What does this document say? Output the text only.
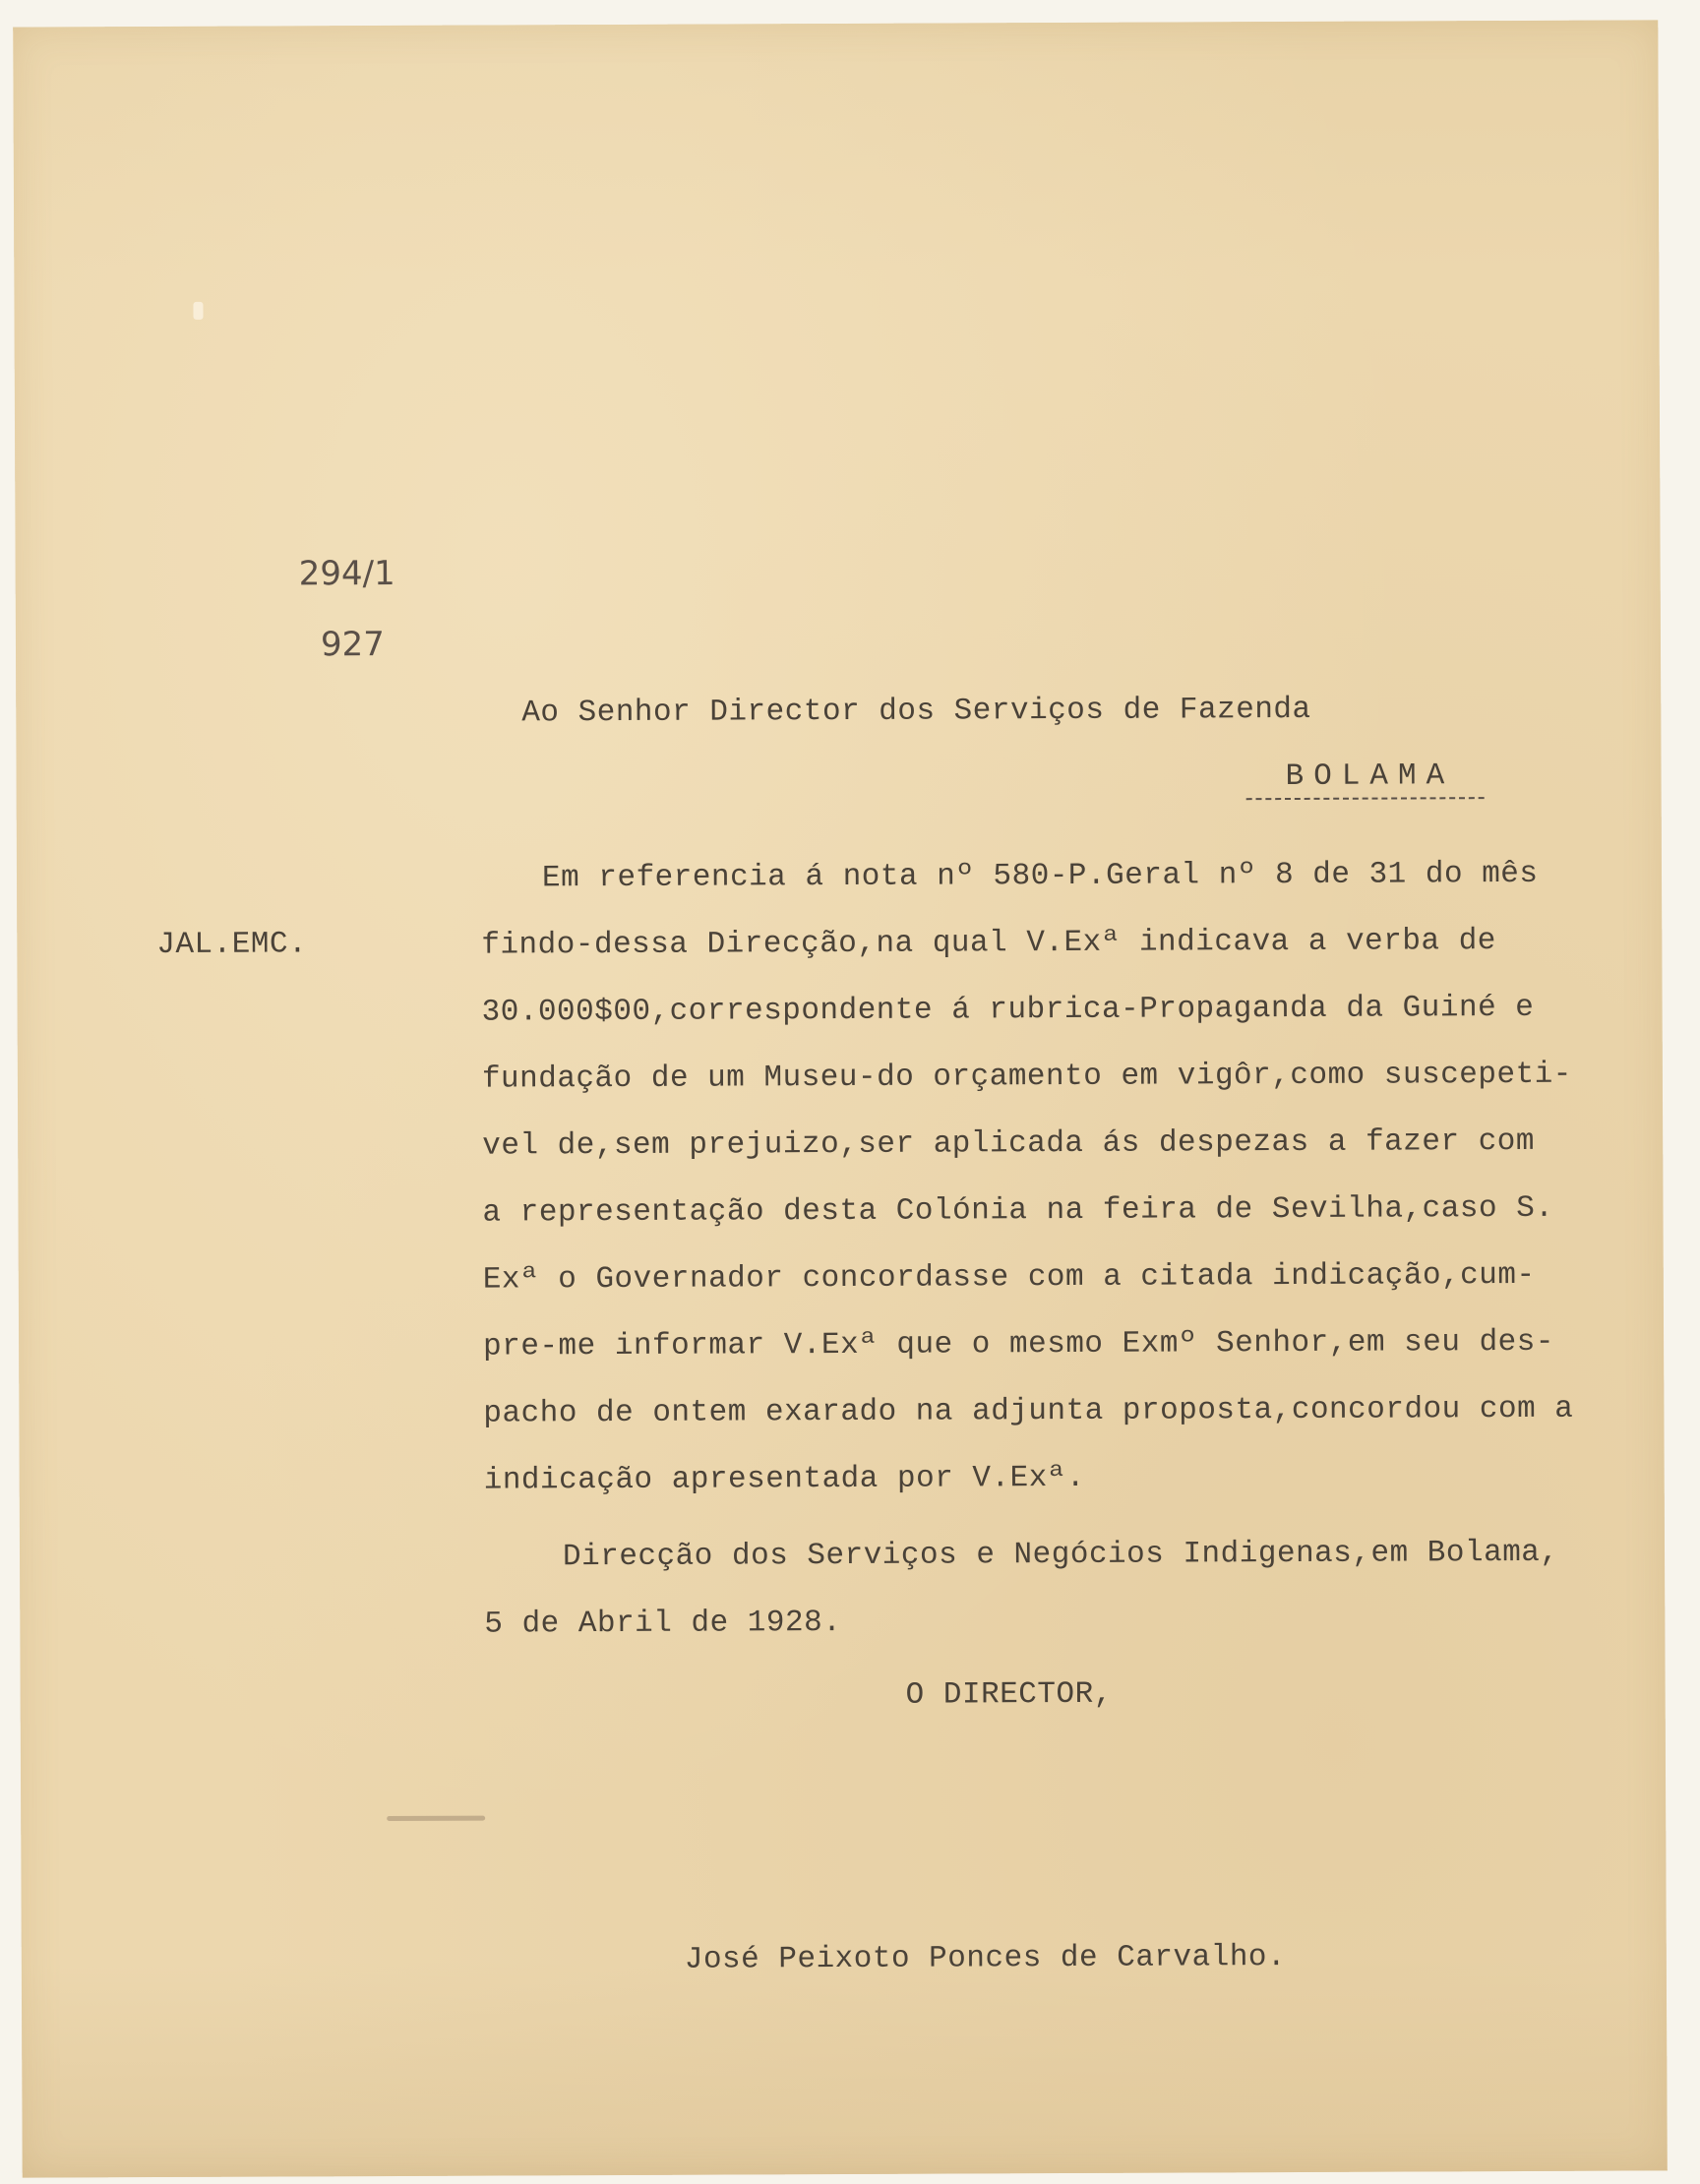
294/1
927
JAL.EMC.
Ao Senhor Director dos Serviços de Fazenda
BOLAMA
Em referencia á nota nº 580-P.Geral nº 8 de 31 do mês
findo-dessa Direcção,na qual V.Exª indicava a verba de
30.000$00,correspondente á rubrica-Propaganda da Guiné e
fundação de um Museu-do orçamento em vigôr,como suscepeti-
vel de,sem prejuizo,ser aplicada ás despezas a fazer com
a representação desta Colónia na feira de Sevilha,caso S.
Exª o Governador concordasse com a citada indicação,cum-
pre-me informar V.Exª que o mesmo Exmº Senhor,em seu des-
pacho de ontem exarado na adjunta proposta,concordou com a
indicação apresentada por V.Exª.
Direcção dos Serviços e Negócios Indigenas,em Bolama,
5 de Abril de 1928.
O DIRECTOR,
José Peixoto Ponces de Carvalho.
